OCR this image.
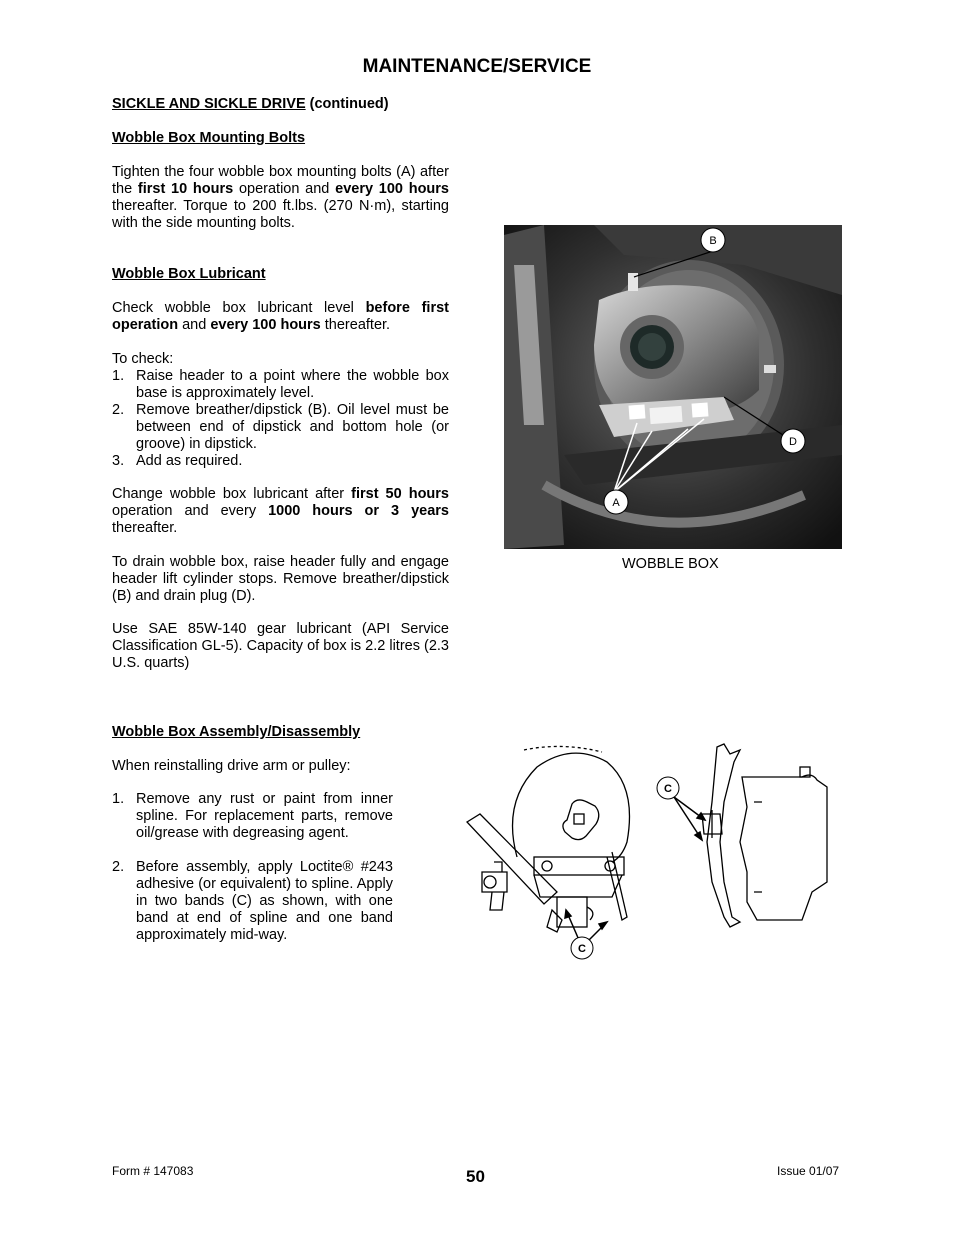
MAINTENANCE/SERVICE
SICKLE AND SICKLE DRIVE (continued)
Wobble Box Mounting Bolts
Tighten the four wobble box mounting bolts (A) after the first 10 hours operation and every 100 hours thereafter. Torque to 200 ft.lbs. (270 N·m), starting with the side mounting bolts.
Wobble Box Lubricant
Check wobble box lubricant level before first operation and every 100 hours thereafter.
To check:
1. Raise header to a point where the wobble box base is approximately level.
2. Remove breather/dipstick (B). Oil level must be between end of dipstick and bottom hole (or groove) in dipstick.
3. Add as required.
Change wobble box lubricant after first 50 hours operation and every 1000 hours or 3 years thereafter.
To drain wobble box, raise header fully and engage header lift cylinder stops. Remove breather/dipstick (B) and drain plug (D).
Use SAE 85W-140 gear lubricant (API Service Classification GL-5). Capacity of box is 2.2 litres (2.3 U.S. quarts)
Wobble Box Assembly/Disassembly
When reinstalling drive arm or pulley:
1. Remove any rust or paint from inner spline. For replacement parts, remove oil/grease with degreasing agent.
2. Before assembly, apply Loctite® #243 adhesive (or equivalent) to spline. Apply in two bands (C) as shown, with one band at end of spline and one band approximately mid-way.
B
D
A
WOBBLE BOX
C
C
Form # 147083	50	Issue 01/07
